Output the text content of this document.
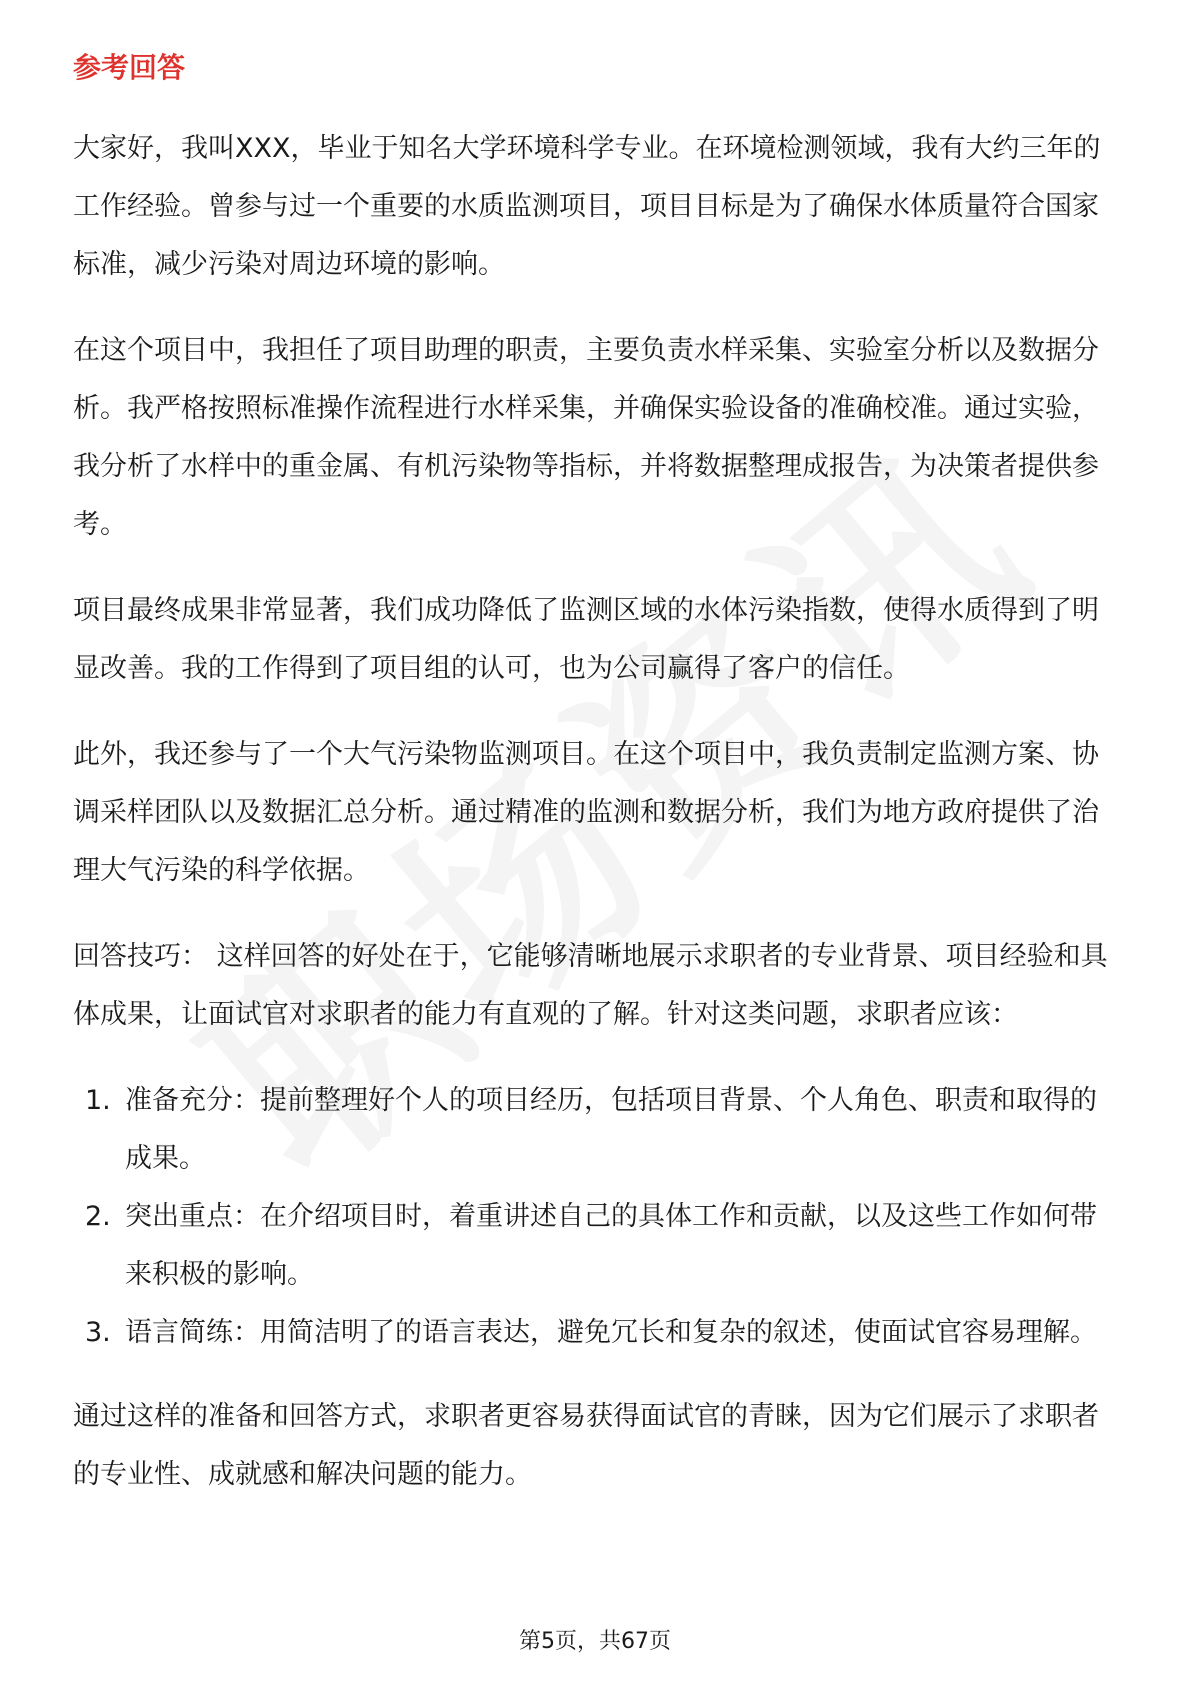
参考回答

大家好，我叫XXX，毕业于知名大学环境科学专业。在环境检测领域，我有大约三年的工作经验。曾参与过一个重要的水质监测项目，项目目标是为了确保水体质量符合国家标准，减少污染对周边环境的影响。

在这个项目中，我担任了项目助理的职责，主要负责水样采集、实验室分析以及数据分析。我严格按照标准操作流程进行水样采集，并确保实验设备的准确校准。通过实验，我分析了水样中的重金属、有机污染物等指标，并将数据整理成报告，为决策者提供参考。

项目最终成果非常显著，我们成功降低了监测区域的水体污染指数，使得水质得到了明显改善。我的工作得到了项目组的认可，也为公司赢得了客户的信任。

此外，我还参与了一个大气污染物监测项目。在这个项目中，我负责制定监测方案、协调采样团队以及数据汇总分析。通过精准的监测和数据分析，我们为地方政府提供了治理大气污染的科学依据。

回答技巧： 这样回答的好处在于，它能够清晰地展示求职者的专业背景、项目经验和具体成果，让面试官对求职者的能力有直观的了解。针对这类问题，求职者应该：

1. 准备充分：提前整理好个人的项目经历，包括项目背景、个人角色、职责和取得的成果。
2. 突出重点：在介绍项目时，着重讲述自己的具体工作和贡献，以及这些工作如何带来积极的影响。
3. 语言简练：用简洁明了的语言表达，避免冗长和复杂的叙述，使面试官容易理解。

通过这样的准备和回答方式，求职者更容易获得面试官的青睐，因为它们展示了求职者的专业性、成就感和解决问题的能力。

第5页，共67页
